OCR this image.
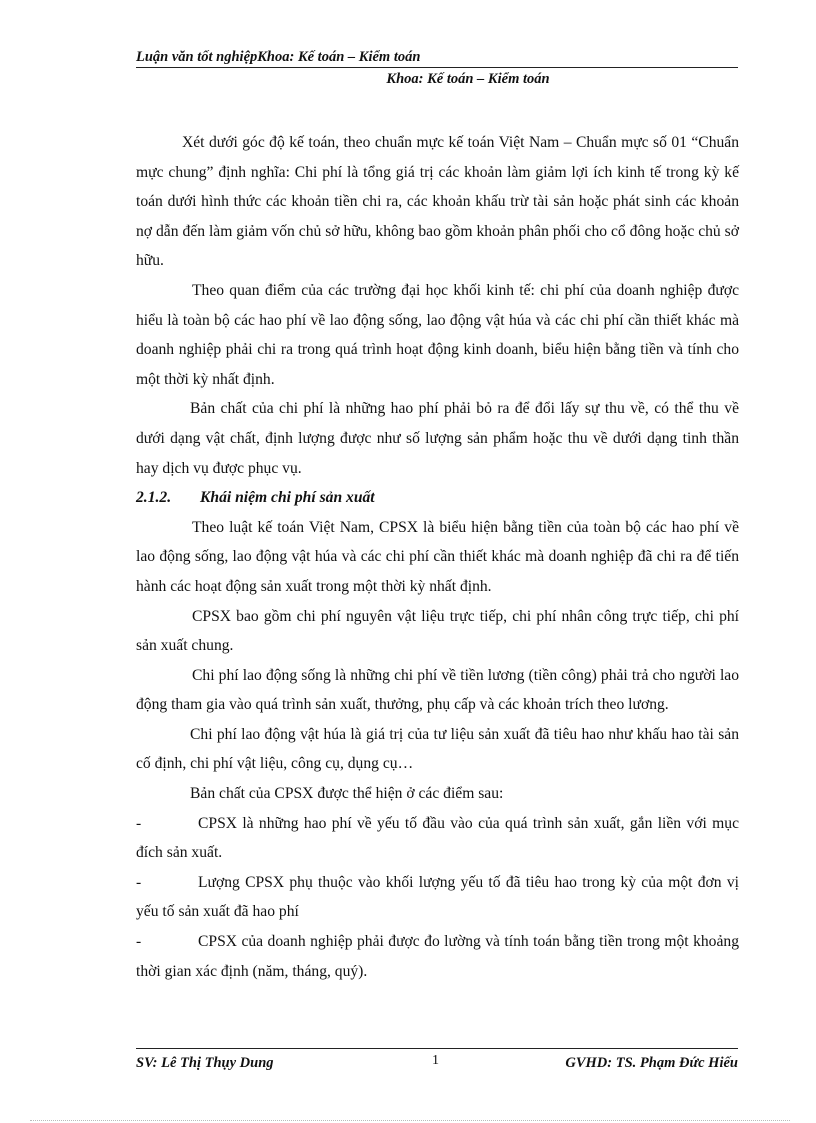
Luận văn tốt nghiệpKhoa: Kế toán – Kiểm toán
Khoa: Kế toán – Kiểm toán

Xét dưới góc độ kế toán, theo chuẩn mực kế toán Việt Nam – Chuẩn mực số 01 “Chuẩn mực chung” định nghĩa: Chi phí là tổng giá trị các khoản làm giảm lợi ích kinh tế trong kỳ kế toán dưới hình thức các khoản tiền chi ra, các khoản khấu trừ tài sản hoặc phát sinh các khoản nợ dẫn đến làm giảm vốn chủ sở hữu, không bao gồm khoản phân phối cho cổ đông hoặc chủ sở hữu.

Theo quan điểm của các trường đại học khối kinh tế: chi phí của doanh nghiệp được hiểu là toàn bộ các hao phí về lao động sống, lao động vật húa và các chi phí cần thiết khác mà doanh nghiệp phải chi ra trong quá trình hoạt động kinh doanh, biểu hiện bằng tiền và tính cho một thời kỳ nhất định.

Bản chất của chi phí là những hao phí phải bỏ ra để đổi lấy sự thu về, có thể thu về dưới dạng vật chất, định lượng được như số lượng sản phẩm hoặc thu về dưới dạng tinh thần hay dịch vụ được phục vụ.

2.1.2. Khái niệm chi phí sản xuất

Theo luật kế toán Việt Nam, CPSX là biểu hiện bằng tiền của toàn bộ các hao phí về lao động sống, lao động vật húa và các chi phí cần thiết khác mà doanh nghiệp đã chi ra để tiến hành các hoạt động sản xuất trong một thời kỳ nhất định.

CPSX bao gồm chi phí nguyên vật liệu trực tiếp, chi phí nhân công trực tiếp, chi phí sản xuất chung.

Chi phí lao động sống là những chi phí về tiền lương (tiền công) phải trả cho người lao động tham gia vào quá trình sản xuất, thưởng, phụ cấp và các khoản trích theo lương.

Chi phí lao động vật húa là giá trị của tư liệu sản xuất đã tiêu hao như khấu hao tài sản cố định, chi phí vật liệu, công cụ, dụng cụ…

Bản chất của CPSX được thể hiện ở các điểm sau:

-	CPSX là những hao phí về yếu tố đầu vào của quá trình sản xuất, gắn liền với mục đích sản xuất.

-	Lượng CPSX phụ thuộc vào khối lượng yếu tố đã tiêu hao trong kỳ của một đơn vị yếu tố sản xuất đã hao phí

-	CPSX của doanh nghiệp phải được đo lường và tính toán bằng tiền trong một khoảng thời gian xác định (năm, tháng, quý).

SV: Lê Thị Thụy Dung	1	GVHD: TS. Phạm Đức Hiếu
